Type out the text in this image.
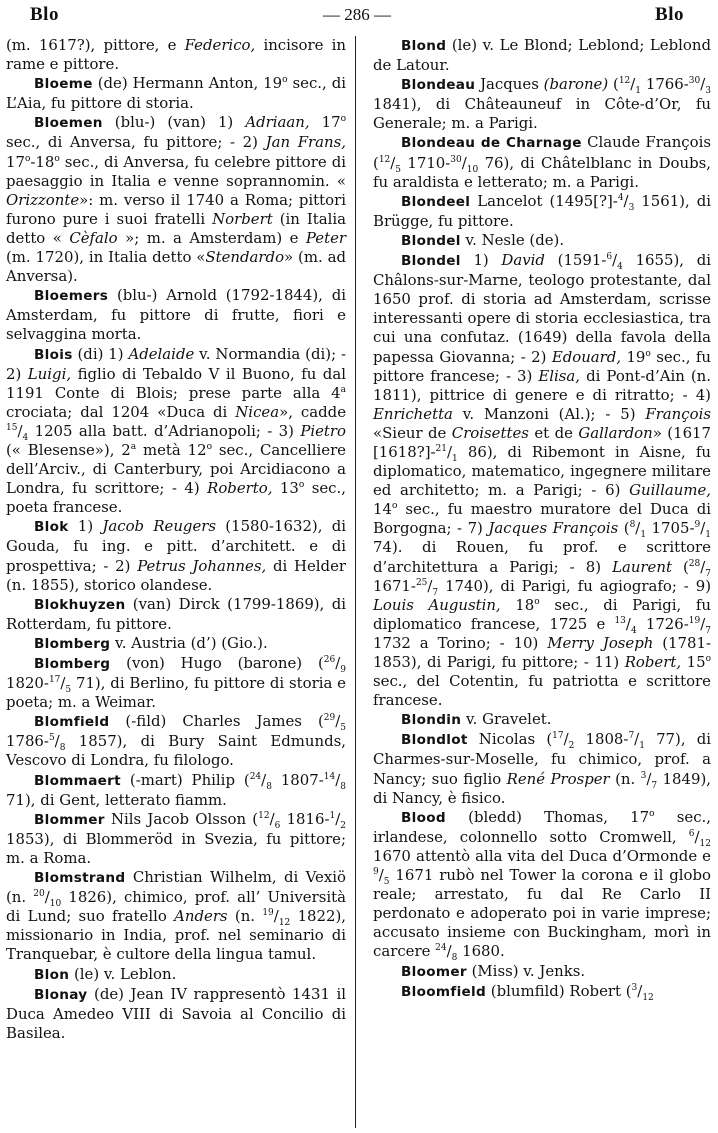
Blo	— 286 —	Blo

(m. 1617?), pittore, e Federico, incisore in rame e pittore.

Bloeme (de) Hermann Anton, 19$^o$ sec., di L’Aia, fu pittore di storia.

Bloemen (blu-) (van) 1) Adriaan, 17$^o$ sec., di Anversa, fu pittore; - 2) Jan Frans, 17$^o$-18$^o$ sec., di Anversa, fu celebre pittore di paesaggio in Italia e venne soprannomin. « Orizzonte»: m. verso il 1740 a Roma; pittori furono pure i suoi fratelli Norbert (in Italia detto « Cèfalo »; m. a Amsterdam) e Peter (m. 1720), in Italia detto «Stendardo» (m. ad Anversa).

Bloemers (blu-) Arnold (1792-1844), di Amsterdam, fu pittore di frutte, fiori e selvaggina morta.

Blois (di) 1) Adelaide v. Normandia (di); - 2) Luigi, figlio di Tebaldo V il Buono, fu dal 1191 Conte di Blois; prese parte alla 4$^a$ crociata; dal 1204 «Duca di Nicea», cadde $^{15}/_4$ 1205 alla batt. d’Adrianopoli; - 3) Pietro (« Blesense»), 2$^a$ metà 12$^o$ sec., Cancelliere dell’Arciv., di Canterbury, poi Arcidiacono a Londra, fu scrittore; - 4) Roberto, 13$^o$ sec., poeta francese.

Blok 1) Jacob Reugers (1580-1632), di Gouda, fu ing. e pitt. d’architett. e di prospettiva; - 2) Petrus Johannes, di Helder (n. 1855), storico olandese.

Blokhuyzen (van) Dirck (1799-1869), di Rotterdam, fu pittore.

Blomberg v. Austria (d’) (Gio.).

Blomberg (von) Hugo (barone) ($^{26}/_9$ $1820-^{17}/_5$ 71), di Berlino, fu pittore di storia e poeta; m. a Weimar.

Blomfield (-fild) Charles James ($^{29}/_5$ $1786-^5/_8$ 1857), di Bury Saint Edmunds, Vescovo di Londra, fu filologo.

Blommaert (-mart) Philip ($^{24}/_8$ $1807-^{14}/_8$ 71), di Gent, letterato fiamm.

Blommer Nils Jacob Olsson ($^{12}/_6$ $1816-^1/_2$ 1853), di Blommeröd in Svezia, fu pittore; m. a Roma.

Blomstrand Christian Wilhelm, di Vexiö (n. $^{20}/_{10}$ 1826), chimico, prof. all’ Università di Lund; suo fratello Anders (n. $^{19}/_{12}$ 1822), missionario in India, prof. nel seminario di Tranquebar, è cultore della lingua tamul.

Blon (le) v. Leblon.

Blonay (de) Jean IV rappresentò 1431 il Duca Amedeo VIII di Savoia al Concilio di Basilea.

Blond (le) v. Le Blond; Leblond; Leblond de Latour.

Blondeau Jacques (barone) ($^{12}/_1$ $1766-^{30}/_3$ 1841), di Châteauneuf in Côte-d’Or, fu Generale; m. a Parigi.

Blondeau de Charnage Claude François ($^{12}/_5$ $1710-^{30}/_{10}$ 76), di Châtelblanc in Doubs, fu araldista e letterato; m. a Parigi.

Blondeel Lancelot ($1495[?]-^4/_3$ 1561), di Brügge, fu pittore.

Blondel v. Nesle (de).

Blondel 1) David ($1591-^6/_4$ 1655), di Châlons-sur-Marne, teologo protestante, dal 1650 prof. di storia ad Amsterdam, scrisse interessanti opere di storia ecclesiastica, tra cui una confutaz. (1649) della favola della papessa Giovanna; - 2) Edouard, 19$^o$ sec., fu pittore francese; - 3) Elisa, di Pont-d’Ain (n. 1811), pittrice di genere e di ritratto; - 4) Enrichetta v. Manzoni (Al.); - 5) François «Sieur de Croisettes et de Gallardon» (1617 $[1618?]-^{21}/_1$ 86), di Ribemont in Aisne, fu diplomatico, matematico, ingegnere militare ed architetto; m. a Parigi; - 6) Guillaume, 14$^o$ sec., fu maestro muratore del Duca di Borgogna; - 7) Jacques François ($^8/_1$ $1705-^9/_1$ 74). di Rouen, fu prof. e scrittore d’architettura a Parigi; - 8) Laurent ($^{28}/_7$ $1671-^{25}/_7$ 1740), di Parigi, fu agiografo; - 9) Louis Augustin, 18$^o$ sec., di Parigi, fu diplomatico francese, 1725 e $^{13}/_4$ $1726-^{19}/_7$ 1732 a Torino; - 10) Merry Joseph (1781-1853), di Parigi, fu pittore; - 11) Robert, 15$^o$ sec., del Cotentin, fu patriotta e scrittore francese.

Blondin v. Gravelet.

Blondlot Nicolas ($^{17}/_2$ $1808-^7/_1$ 77), di Charmes-sur-Moselle, fu chimico, prof. a Nancy; suo figlio René Prosper (n. $^3/_7$ 1849), di Nancy, è fisico.

Blood (bledd) Thomas, 17$^o$ sec., irlandese, colonnello sotto Cromwell, $^6/_{12}$ 1670 attentò alla vita del Duca d’Ormonde e $^9/_5$ 1671 rubò nel Tower la corona e il globo reale; arrestato, fu dal Re Carlo II perdonato e adoperato poi in varie imprese; accusato insieme con Buckingham, morì in carcere $^{24}/_8$ 1680.

Bloomer (Miss) v. Jenks.

Bloomfield (blumfild) Robert ($^3/_{12}$
